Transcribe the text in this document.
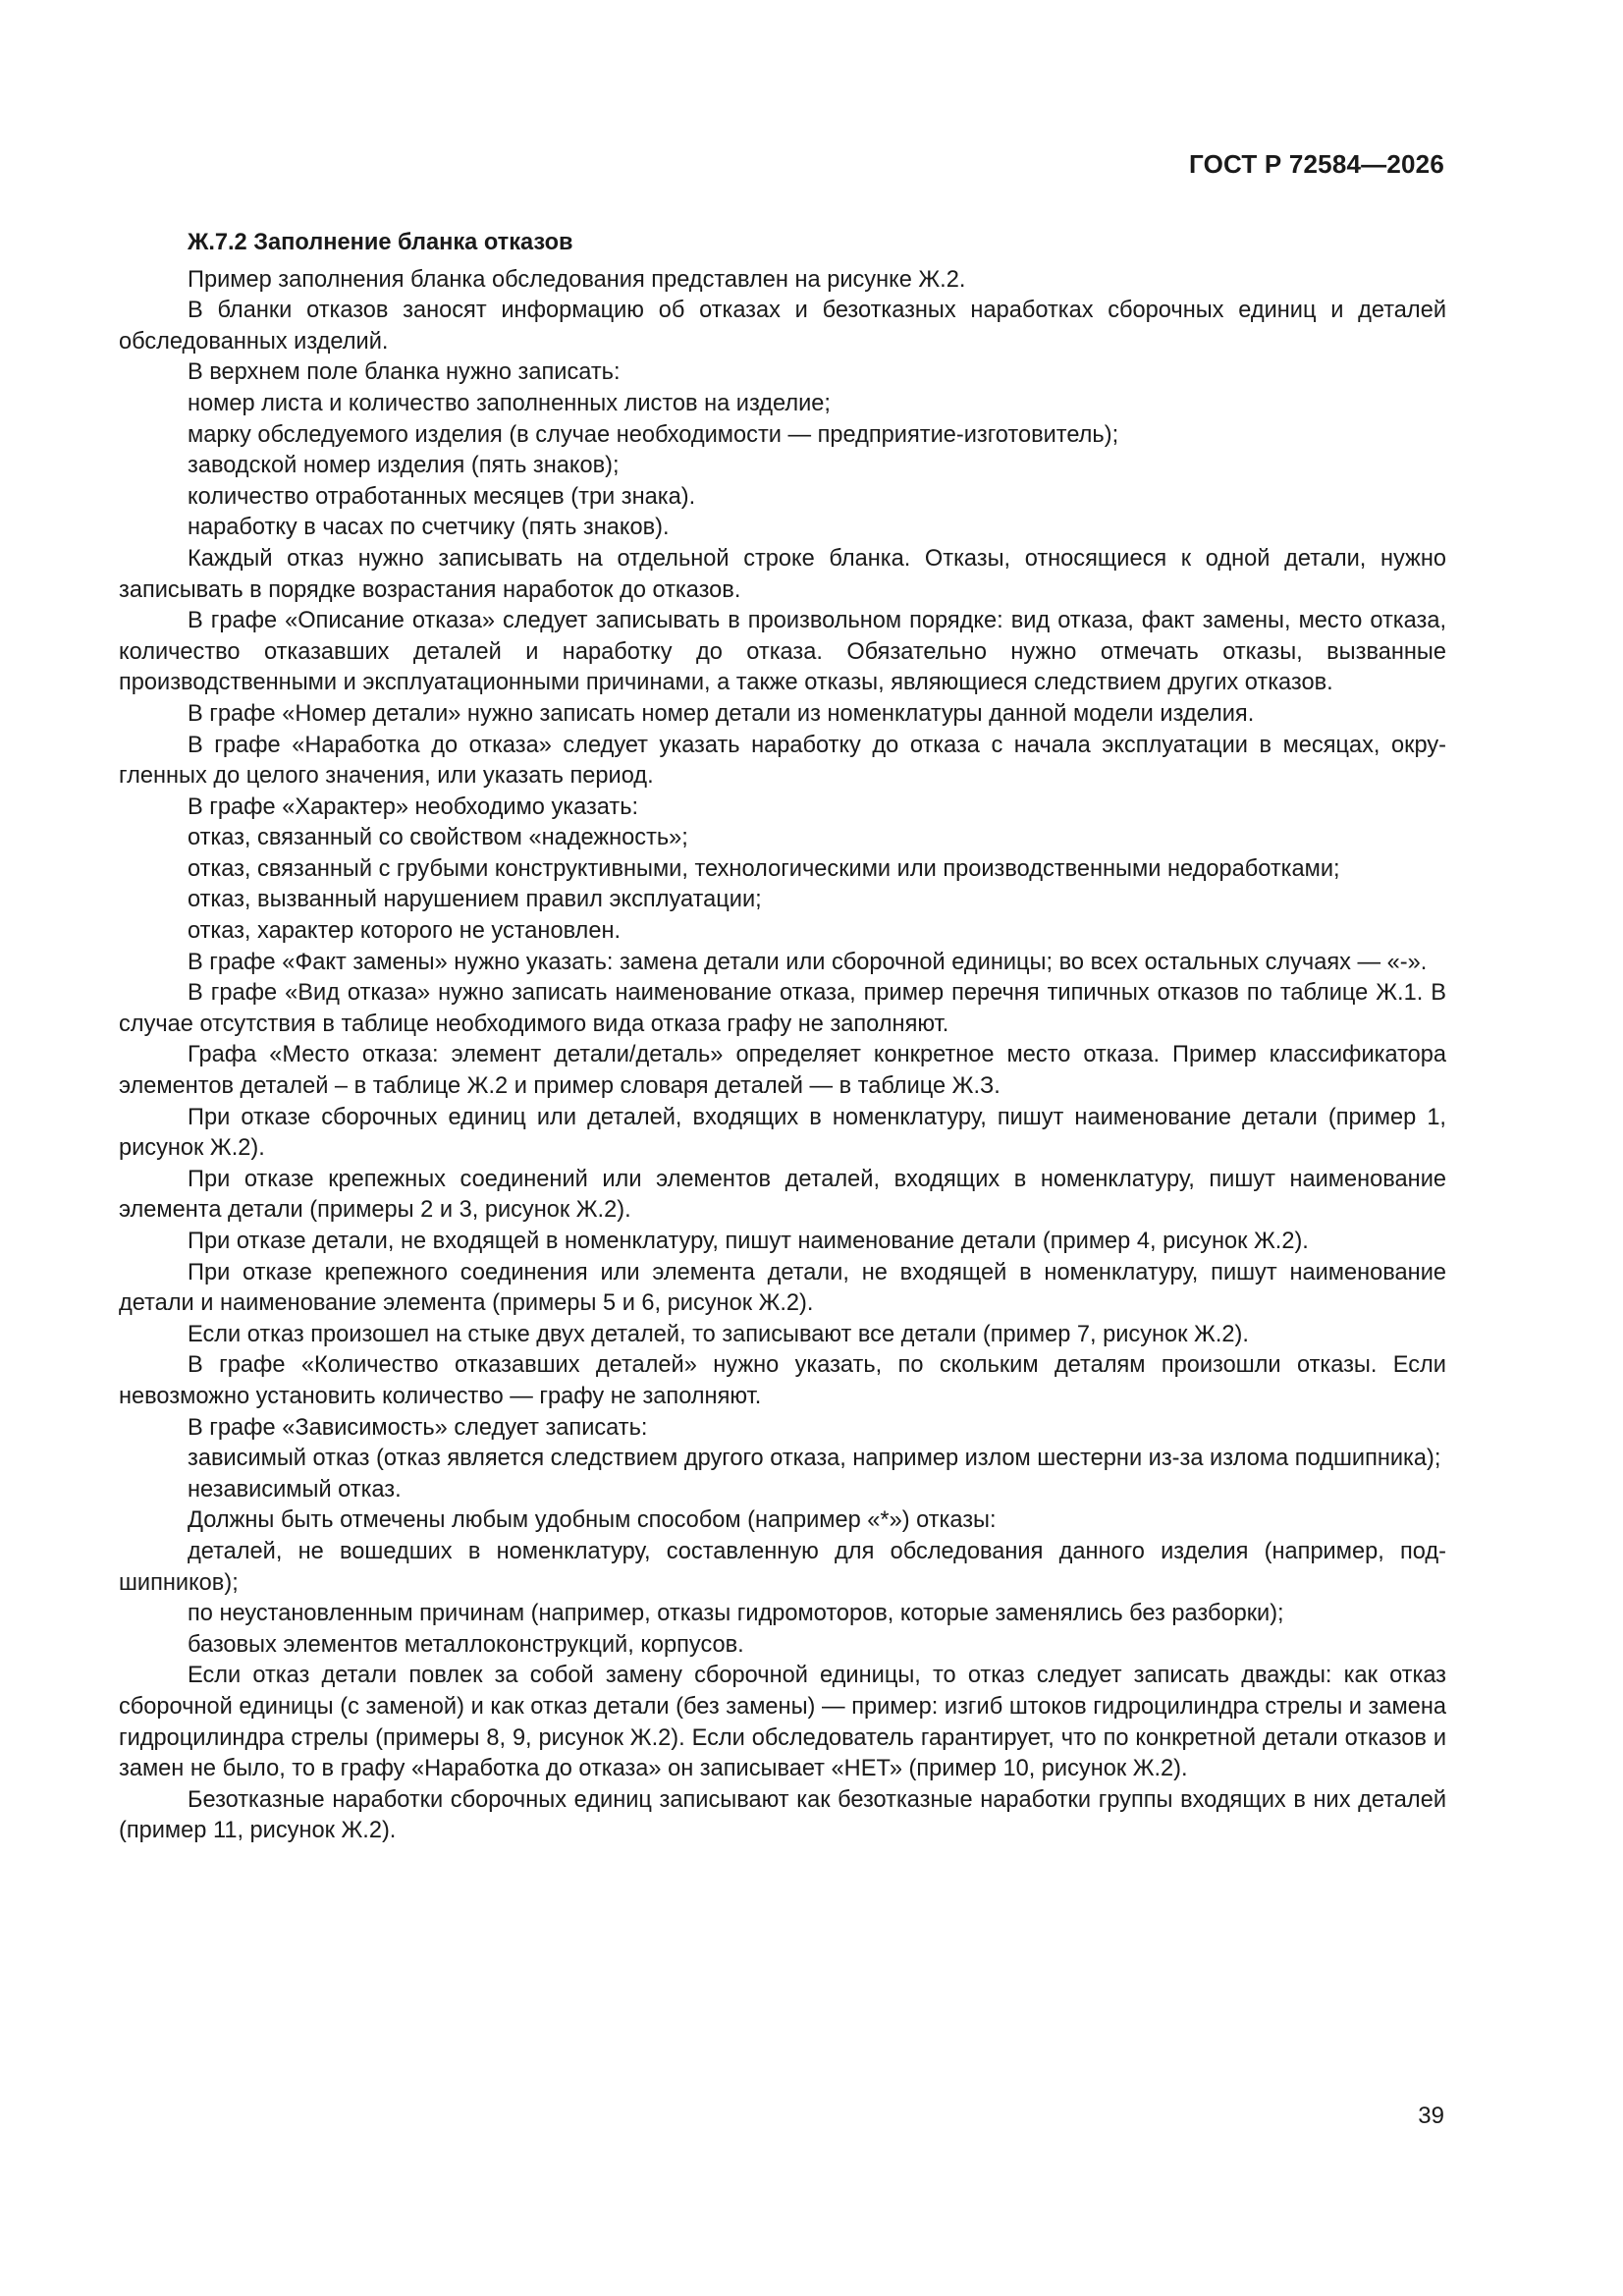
ГОСТ Р 72584—2026
Ж.7.2 Заполнение бланка отказов

Пример заполнения бланка обследования представлен на рисунке Ж.2.

В бланки отказов заносят информацию об отказах и безотказных наработках сборочных единиц и деталей обследованных изделий.

В верхнем поле бланка нужно записать:

номер листа и количество заполненных листов на изделие;

марку обследуемого изделия (в случае необходимости — предприятие-изготовитель);

заводской номер изделия (пять знаков);

количество отработанных месяцев (три знака).

наработку в часах по счетчику (пять знаков).

Каждый отказ нужно записывать на отдельной строке бланка. Отказы, относящиеся к одной детали, нужно записывать в порядке возрастания наработок до отказов.

В графе «Описание отказа» следует записывать в произвольном порядке: вид отказа, факт замены, место отказа, количество отказавших деталей и наработку до отказа. Обязательно нужно отмечать отказы, вызванные производственными и эксплуатационными причинами, а также отказы, являющиеся следствием других отказов.

В графе «Номер детали» нужно записать номер детали из номенклатуры данной модели изделия.

В графе «Наработка до отказа» следует указать наработку до отказа с начала эксплуатации в месяцах, округленных до целого значения, или указать период.

В графе «Характер» необходимо указать:

отказ, связанный со свойством «надежность»;

отказ, связанный с грубыми конструктивными, технологическими или производственными недоработками;

отказ, вызванный нарушением правил эксплуатации;

отказ, характер которого не установлен.

В графе «Факт замены» нужно указать: замена детали или сборочной единицы; во всех остальных случаях — «-».

В графе «Вид отказа» нужно записать наименование отказа, пример перечня типичных отказов по таблице Ж.1. В случае отсутствия в таблице необходимого вида отказа графу не заполняют.

Графа «Место отказа: элемент детали/деталь» определяет конкретное место отказа. Пример классификатора элементов деталей – в таблице Ж.2 и пример словаря деталей — в таблице Ж.З.

При отказе сборочных единиц или деталей, входящих в номенклатуру, пишут наименование детали (пример 1, рисунок Ж.2).

При отказе крепежных соединений или элементов деталей, входящих в номенклатуру, пишут наименование элемента детали (примеры 2 и 3, рисунок Ж.2).

При отказе детали, не входящей в номенклатуру, пишут наименование детали (пример 4, рисунок Ж.2).

При отказе крепежного соединения или элемента детали, не входящей в номенклатуру, пишут наименование детали и наименование элемента (примеры 5 и 6, рисунок Ж.2).

Если отказ произошел на стыке двух деталей, то записывают все детали (пример 7, рисунок Ж.2).

В графе «Количество отказавших деталей» нужно указать, по скольким деталям произошли отказы. Если невозможно установить количество — графу не заполняют.

В графе «Зависимость» следует записать:

зависимый отказ (отказ является следствием другого отказа, например излом шестерни из-за излома подшипника);

независимый отказ.

Должны быть отмечены любым удобным способом (например «*») отказы:

деталей, не вошедших в номенклатуру, составленную для обследования данного изделия (например, подшипников);

по неустановленным причинам (например, отказы гидромоторов, которые заменялись без разборки);

базовых элементов металлоконструкций, корпусов.

Если отказ детали повлек за собой замену сборочной единицы, то отказ следует записать дважды: как отказ сборочной единицы (с заменой) и как отказ детали (без замены) — пример: изгиб штоков гидроцилиндра стрелы и замена гидроцилиндра стрелы (примеры 8, 9, рисунок Ж.2). Если обследователь гарантирует, что по конкретной детали отказов и замен не было, то в графу «Наработка до отказа» он записывает «НЕТ» (пример 10, рисунок Ж.2).

Безотказные наработки сборочных единиц записывают как безотказные наработки группы входящих в них деталей (пример 11, рисунок Ж.2).

39
